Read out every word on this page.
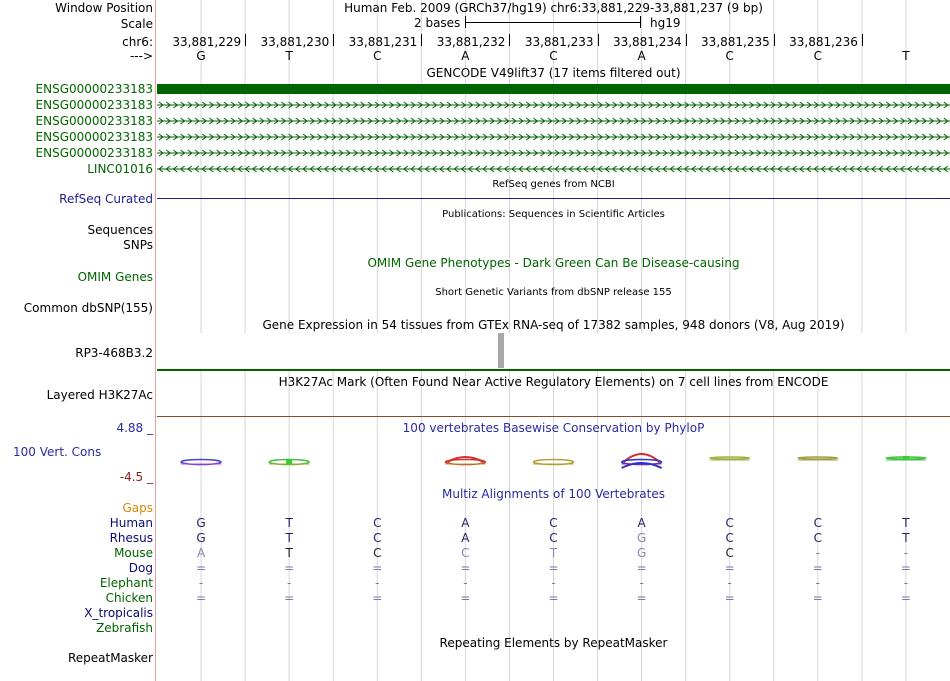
Window Position	Human Feb. 2009 (GRCh37/hg19) chr6:33,881,229-33,881,237 (9 bp)
Scale	2 bases	hg19
chr6:	33,881,229	33,881,230	33,881,231	33,881,232	33,881,233	33,881,234	33,881,235	33,881,236
--->	G	T	C	A	C	A	C	C	T
GENCODE V49lift37 (17 items filtered out)
ENSG00000233183
ENSG00000233183
ENSG00000233183
ENSG00000233183
ENSG00000233183
LINC01016
RefSeq genes from NCBI
RefSeq Curated
Publications: Sequences in Scientific Articles
Sequences
SNPs
OMIM Gene Phenotypes - Dark Green Can Be Disease-causing
OMIM Genes
Short Genetic Variants from dbSNP release 155
Common dbSNP(155)
Gene Expression in 54 tissues from GTEx RNA-seq of 17382 samples, 948 donors (V8, Aug 2019)
RP3-468B3.2
H3K27Ac Mark (Often Found Near Active Regulatory Elements) on 7 cell lines from ENCODE
Layered H3K27Ac
100 vertebrates Basewise Conservation by PhyloP
4.88 _
100 Vert. Cons
-4.5 _
Multiz Alignments of 100 Vertebrates
Gaps
Human	G	T	C	A	C	A	C	C	T
Rhesus	G	T	C	A	C	G	C	C	T
Mouse	A	T	C	C	T	G	C	-	-
Dog	=	=	=	=	=	=	=	=	=
Elephant	-	-	-	-	-	-	-	-	-
Chicken	=	=	=	=	=	=	=	=	=
X_tropicalis
Zebrafish
Repeating Elements by RepeatMasker
RepeatMasker
